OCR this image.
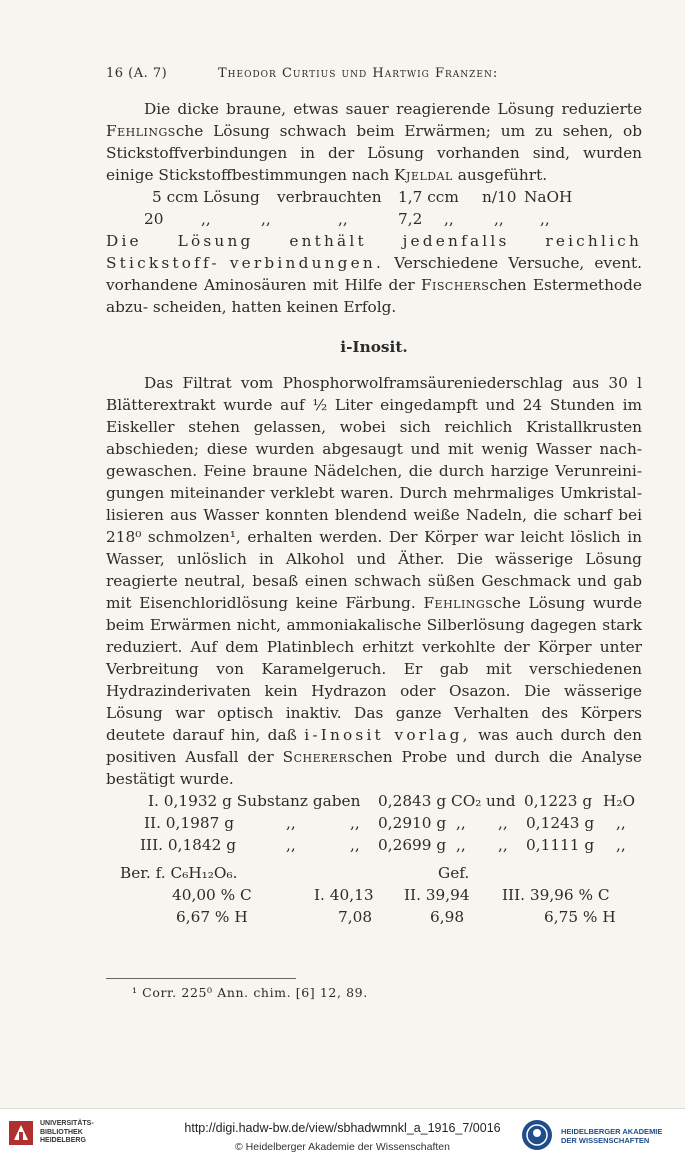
16 (A. 7)	Theodor Curtius und Hartwig Franzen:

Die dicke braune, etwas sauer reagierende Lösung reduzierte Fehlingsche Lösung schwach beim Erwärmen; um zu sehen, ob Stickstoffverbindungen in der Lösung vorhanden sind, wurden einige Stickstoffbestimmungen nach Kjeldal ausgeführt.

5 ccm Lösung verbrauchten 1,7 ccm n/10 NaOH
20 ,,	,,	,,	7,2 ,,	,, ,,

Die Lösung enthält jedenfalls reichlich Stickstoff- verbindungen. Verschiedene Versuche, event. vorhandene Aminosäuren mit Hilfe der Fischerschen Estermethode abzu- scheiden, hatten keinen Erfolg.

i-Inosit.

Das Filtrat vom Phosphorwolframsäureniederschlag aus 30 l Blätterextrakt wurde auf ½ Liter eingedampft und 24 Stunden im Eiskeller stehen gelassen, wobei sich reichlich Kristallkrusten abschieden; diese wurden abgesaugt und mit wenig Wasser nach- gewaschen. Feine braune Nädelchen, die durch harzige Verunreini- gungen miteinander verklebt waren. Durch mehrmaliges Umkristal- lisieren aus Wasser konnten blendend weiße Nadeln, die scharf bei 218⁰ schmolzen¹, erhalten werden. Der Körper war leicht löslich in Wasser, unlöslich in Alkohol und Äther. Die wässerige Lösung reagierte neutral, besaß einen schwach süßen Geschmack und gab mit Eisenchloridlösung keine Färbung. Fehlingsche Lösung wurde beim Erwärmen nicht, ammoniakalische Silberlösung dagegen stark reduziert. Auf dem Platinblech erhitzt verkohlte der Körper unter Verbreitung von Karamelgeruch. Er gab mit verschiedenen Hydrazinderivaten kein Hydrazon oder Osazon. Die wässerige Lösung war optisch inaktiv. Das ganze Verhalten des Körpers deutete darauf hin, daß i-Inosit vorlag, was auch durch den positiven Ausfall der Schererschen Probe und durch die Analyse bestätigt wurde.

I. 0,1932 g Substanz gaben 0,2843 g CO₂ und 0,1223 g H₂O
II. 0,1987 g	,,	,, 0,2910 g ,, ,, 0,1243 g ,,
III. 0,1842 g	,,	,, 0,2699 g ,, ,, 0,1111 g ,,
Ber. f. C₆H₁₂O₆.	Gef.
40,00 % C	I. 40,13 II. 39,94 III. 39,96 % C
6,67 % H	7,08	6,98	6,75 % H
¹ Corr. 225⁰ Ann. chim. [6] 12, 89.
UNIVERSITÄTS-
BIBLIOTHEK
HEIDELBERG
http://digi.hadw-bw.de/view/sbhadwmnkl_a_1916_7/0016
© Heidelberger Akademie der Wissenschaften
HEIDELBERGER AKADEMIE
DER WISSENSCHAFTEN
